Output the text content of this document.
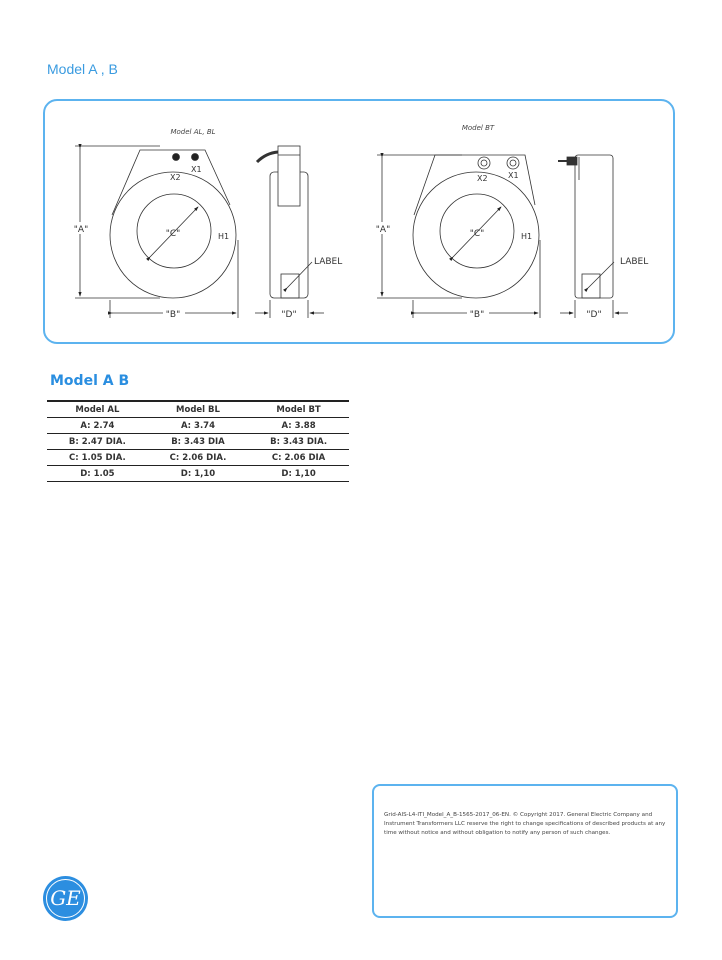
Model A , B
Model AL, BL
X1
X2
H1
"C"
"A"
"B"
LABEL
"D"
Model BT
X1
X2
H1
"C"
"A"
"B"
LABEL
"D"
Model A B
Model AL	Model BL	Model BT
A: 2.74	A: 3.74	A: 3.88
B: 2.47 DIA.	B: 3.43 DIA	B: 3.43 DIA.
C: 1.05 DIA.	C: 2.06 DIA.	C: 2.06 DIA
D: 1.05	D: 1,10	D: 1,10
Grid-AIS-L4-ITI_Model_A_B-1565-2017_06-EN. © Copyright 2017. General Electric Company and Instrument Transformers LLC reserve the right to change specifications of described products at any time without notice and without obligation to notify any person of such changes.
GE
